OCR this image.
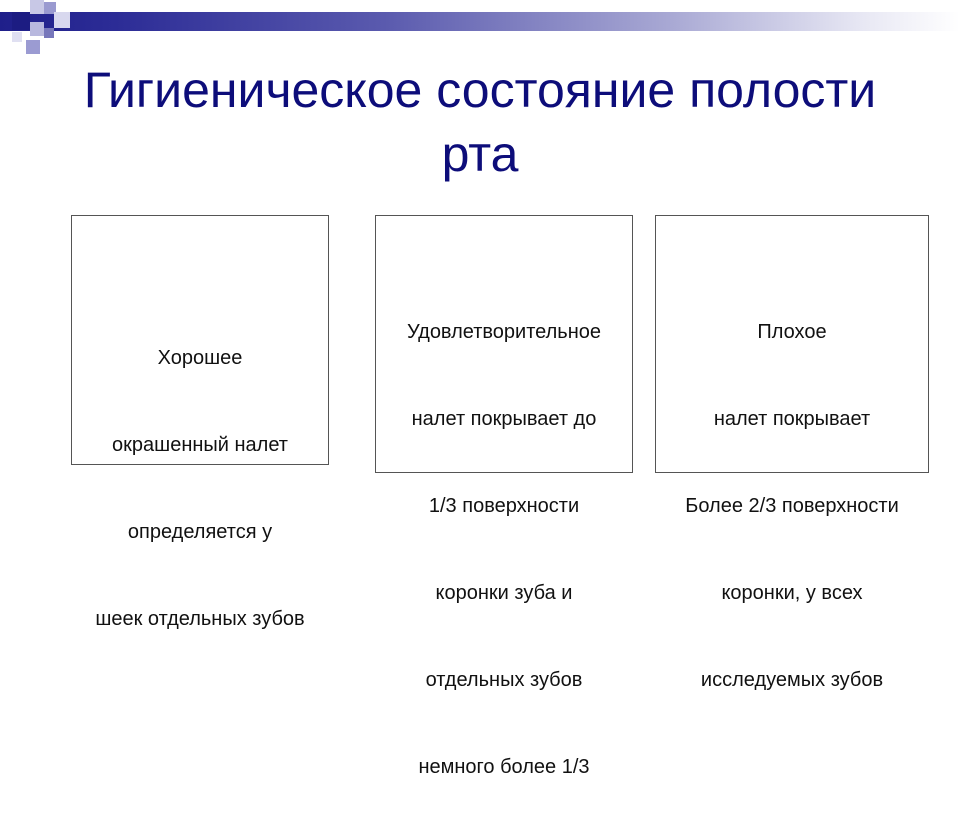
Гигиеническое состояние полости
рта

Хорошее

окрашенный налет

определяется у

шеек отдельных зубов

Удовлетворительное

налет покрывает до

1/3 поверхности

коронки зуба и

отдельных зубов

немного более 1/3

Плохое

налет покрывает

Более 2/3 поверхности

коронки, у всех

исследуемых зубов
